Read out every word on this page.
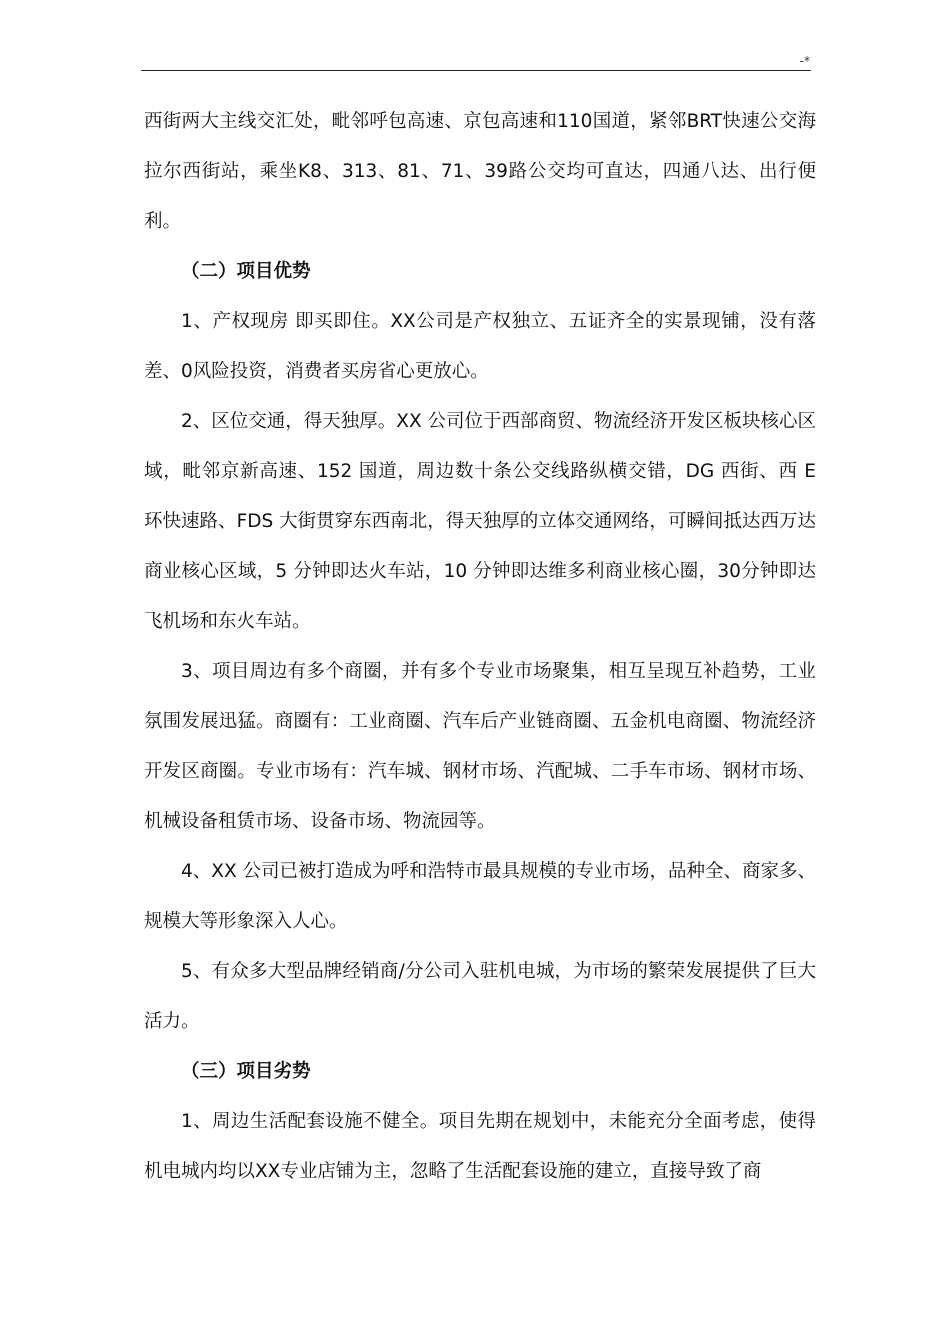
-*

西街两大主线交汇处，毗邻呼包高速、京包高速和110国道，紧邻BRT快速公交海拉尔西街站，乘坐K8、313、81、71、39路公交均可直达，四通八达、出行便利。

（二）项目优势

1、产权现房 即买即住。XX公司是产权独立、五证齐全的实景现铺，没有落差、0风险投资，消费者买房省心更放心。

2、区位交通，得天独厚。XX 公司位于西部商贸、物流经济开发区板块核心区域，毗邻京新高速、152 国道，周边数十条公交线路纵横交错，DG 西街、西 E 环快速路、FDS 大街贯穿东西南北，得天独厚的立体交通网络，可瞬间抵达西万达商业核心区域，5 分钟即达火车站，10 分钟即达维多利商业核心圈，30分钟即达飞机场和东火车站。

3、项目周边有多个商圈，并有多个专业市场聚集，相互呈现互补趋势，工业氛围发展迅猛。商圈有：工业商圈、汽车后产业链商圈、五金机电商圈、物流经济开发区商圈。专业市场有：汽车城、钢材市场、汽配城、二手车市场、钢材市场、机械设备租赁市场、设备市场、物流园等。

4、XX 公司已被打造成为呼和浩特市最具规模的专业市场，品种全、商家多、规模大等形象深入人心。

5、有众多大型品牌经销商/分公司入驻机电城，为市场的繁荣发展提供了巨大活力。

（三）项目劣势

1、周边生活配套设施不健全。项目先期在规划中，未能充分全面考虑，使得机电城内均以XX专业店铺为主，忽略了生活配套设施的建立，直接导致了商
